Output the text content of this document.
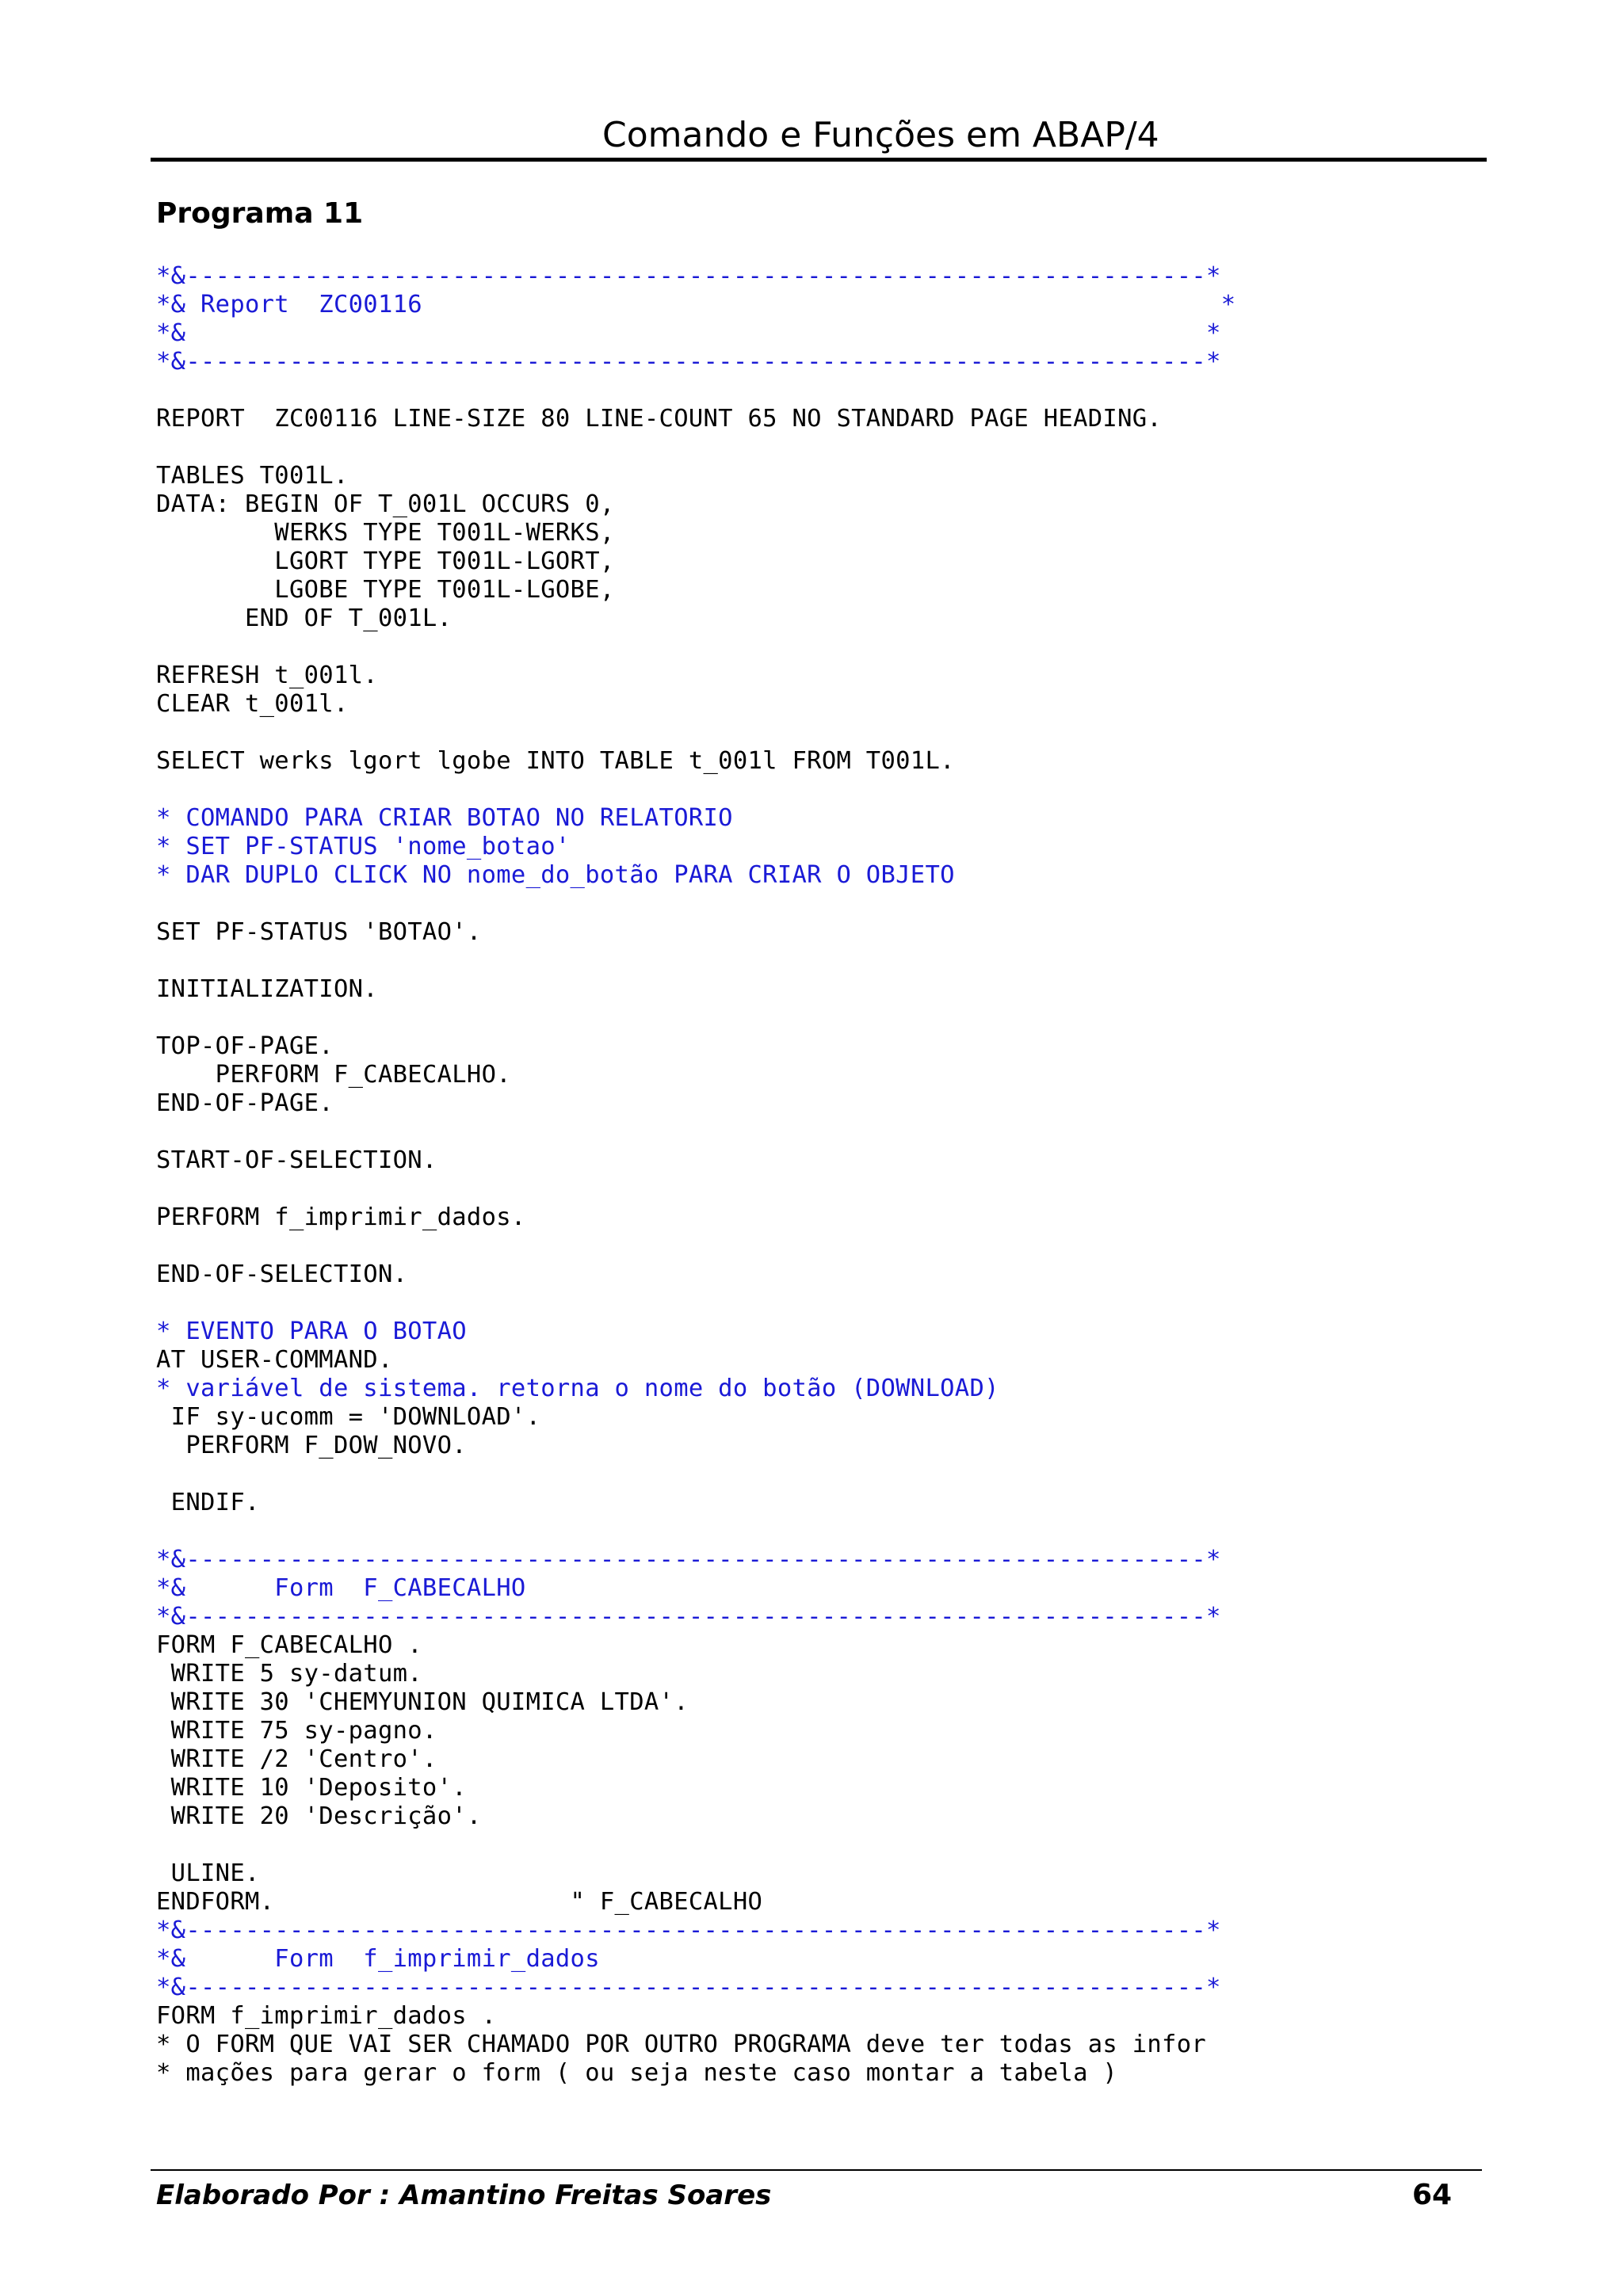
Comando e Funções em ABAP/4
Programa 11
*&---------------------------------------------------------------------*
*& Report  ZC00116                                                      *
*&                                                                     *
*&---------------------------------------------------------------------*
REPORT  ZC00116 LINE-SIZE 80 LINE-COUNT 65 NO STANDARD PAGE HEADING.
TABLES T001L.
DATA: BEGIN OF T_001L OCCURS 0,
WERKS TYPE T001L-WERKS,
LGORT TYPE T001L-LGORT,
LGOBE TYPE T001L-LGOBE,
END OF T_001L.
REFRESH t_001l.
CLEAR t_001l.
SELECT werks lgort lgobe INTO TABLE t_001l FROM T001L.
* COMANDO PARA CRIAR BOTAO NO RELATORIO
* SET PF-STATUS 'nome_botao'
* DAR DUPLO CLICK NO nome_do_botão PARA CRIAR O OBJETO
SET PF-STATUS 'BOTAO'.
INITIALIZATION.
TOP-OF-PAGE.
PERFORM F_CABECALHO.
END-OF-PAGE.
START-OF-SELECTION.
PERFORM f_imprimir_dados.
END-OF-SELECTION.
* EVENTO PARA O BOTAO
AT USER-COMMAND.
* variável de sistema. retorna o nome do botão (DOWNLOAD)
IF sy-ucomm = 'DOWNLOAD'.
PERFORM F_DOW_NOVO.
ENDIF.
*&---------------------------------------------------------------------*
*&      Form  F_CABECALHO
*&---------------------------------------------------------------------*
FORM F_CABECALHO .
WRITE 5 sy-datum.
WRITE 30 'CHEMYUNION QUIMICA LTDA'.
WRITE 75 sy-pagno.
WRITE /2 'Centro'.
WRITE 10 'Deposito'.
WRITE 20 'Descrição'.
ULINE.
ENDFORM.                    " F_CABECALHO
*&---------------------------------------------------------------------*
*&      Form  f_imprimir_dados
*&---------------------------------------------------------------------*
FORM f_imprimir_dados .
* O FORM QUE VAI SER CHAMADO POR OUTRO PROGRAMA deve ter todas as infor
* mações para gerar o form ( ou seja neste caso montar a tabela )
Elaborado Por : Amantino Freitas Soares	64
